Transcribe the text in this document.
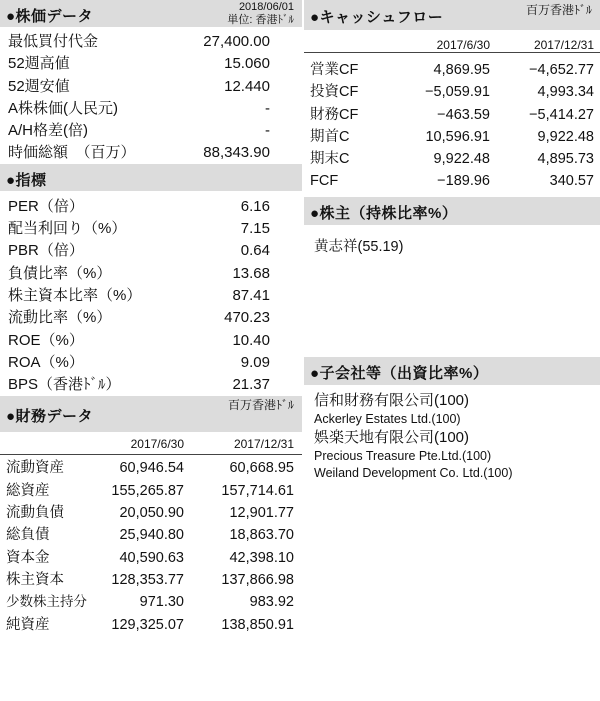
●株価データ
2018/06/01
単位: 香港ﾄﾞﾙ
最低買付代金	27,400.00
52週高値	15.060
52週安値	12.440
A株株価(人民元)	‐
A/H格差(倍)	‐
時価総額　（百万）	88,343.90
●指標
PER（倍）	6.16
配当利回り（%）	7.15
PBR（倍）	0.64
負債比率（%）	13.68
株主資本比率（%）	87.41
流動比率（%）	470.23
ROE（%）	10.40
ROA（%）	9.09
BPS（香港ﾄﾞﾙ）	21.37
●財務データ
百万香港ﾄﾞﾙ
2017/6/30	2017/12/31
流動資産	60,946.54	60,668.95
総資産	155,265.87	157,714.61
流動負債	20,050.90	12,901.77
総負債	25,940.80	18,863.70
資本金	40,590.63	42,398.10
株主資本	128,353.77	137,866.98
少数株主持分	971.30	983.92
純資産	129,325.07	138,850.91
●キャッシュフロー	百万香港ﾄﾞﾙ
2017/6/30	2017/12/31
営業CF	4,869.95	−4,652.77
投資CF	−5,059.91	4,993.34
財務CF	−463.59	−5,414.27
期首C	10,596.91	9,922.48
期末C	9,922.48	4,895.73
FCF	−189.96	340.57
●株主（持株比率%）
黄志祥(55.19)
●子会社等（出資比率%）
信和財務有限公司(100)
Ackerley Estates Ltd.(100)
娯楽天地有限公司(100)
Precious Treasure Pte.Ltd.(100)
Weiland Development Co. Ltd.(100)
